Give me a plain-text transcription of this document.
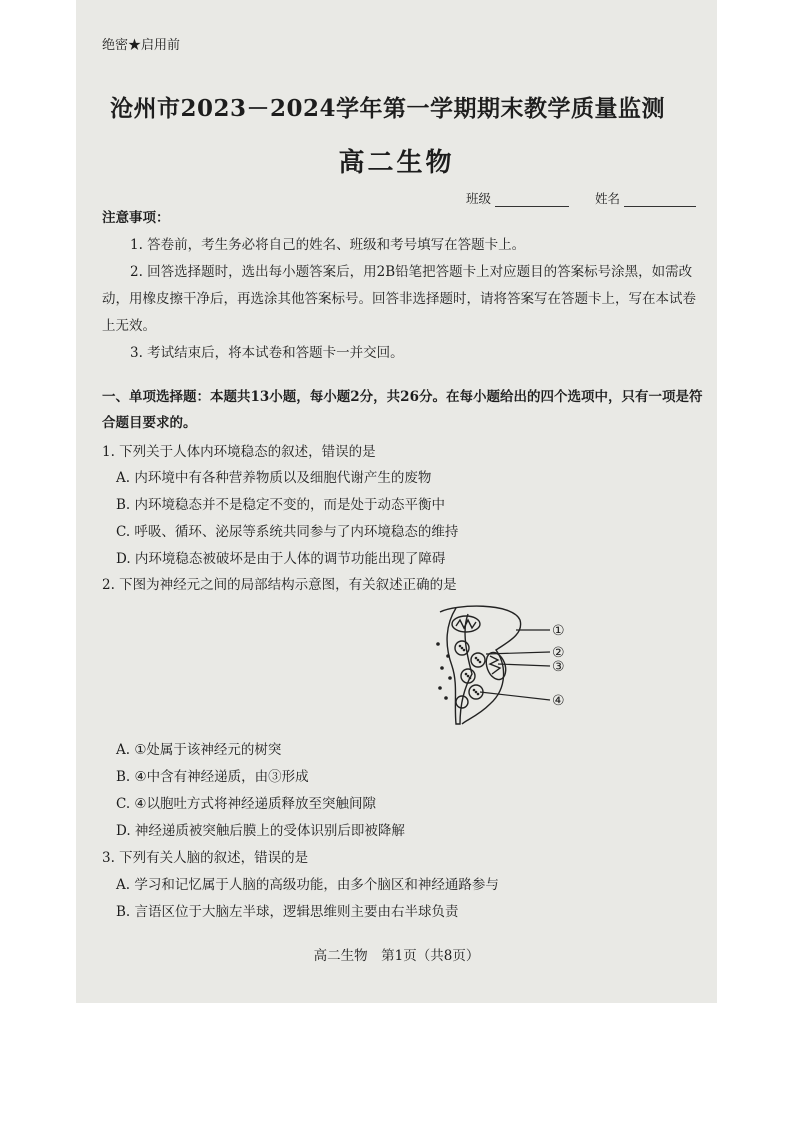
绝密★启用前
沧州市2023－2024学年第一学期期末教学质量监测
高二生物
班级	姓名
注意事项：
1. 答卷前，考生务必将自己的姓名、班级和考号填写在答题卡上。
2. 回答选择题时，选出每小题答案后，用2B铅笔把答题卡上对应题目的答案标号涂黑，如需改动，用橡皮擦干净后，再选涂其他答案标号。回答非选择题时，请将答案写在答题卡上，写在本试卷上无效。
3. 考试结束后，将本试卷和答题卡一并交回。
一、单项选择题：本题共13小题，每小题2分，共26分。在每小题给出的四个选项中，只有一项是符合题目要求的。
1. 下列关于人体内环境稳态的叙述，错误的是
A. 内环境中有各种营养物质以及细胞代谢产生的废物
B. 内环境稳态并不是稳定不变的，而是处于动态平衡中
C. 呼吸、循环、泌尿等系统共同参与了内环境稳态的维持
D. 内环境稳态被破坏是由于人体的调节功能出现了障碍
2. 下图为神经元之间的局部结构示意图，有关叙述正确的是
①
②
③
④
A. ①处属于该神经元的树突
B. ④中含有神经递质，由③形成
C. ④以胞吐方式将神经递质释放至突触间隙
D. 神经递质被突触后膜上的受体识别后即被降解
3. 下列有关人脑的叙述，错误的是
A. 学习和记忆属于人脑的高级功能，由多个脑区和神经通路参与
B. 言语区位于大脑左半球，逻辑思维则主要由右半球负责
高二生物　第1页（共8页）
